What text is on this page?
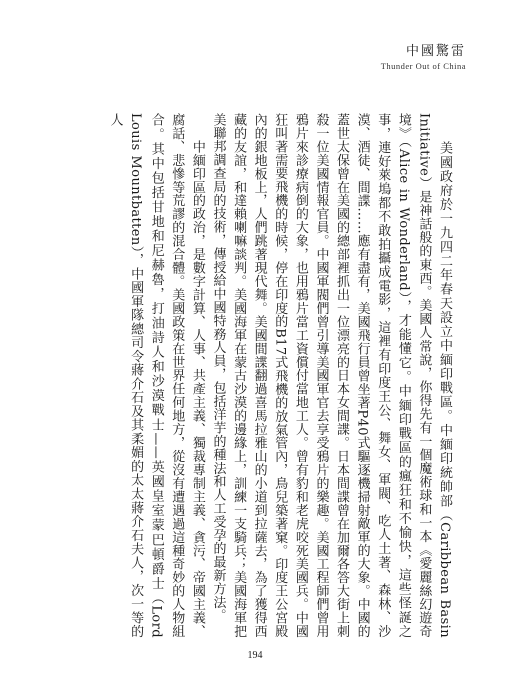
中國驚雷
Thunder Out of China

　　美國政府於一九四二年春天設立中緬印戰區。中緬印統帥部（Caribbean Basin Initiative）是神話般的東西。美國人常說，你得先有一個魔術球和一本《愛麗絲幻遊奇境》（Alice in Wonderland），才能懂它。中緬印戰區的瘋狂和不愉快，這些怪誕之事，連好萊塢都不敢拍攝成電影，這裡有印度王公、舞女、軍閥、吃人土著、森林、沙漠、酒徒、間諜……應有盡有，美國飛行員曾坐著P40式驅逐機掃射敵軍的大象。中國的蓋世太保曾在美國的總部裡抓出一位漂亮的日本女間諜。日本間諜曾在加爾各答大街上刺殺一位美國情報官員。中國軍閥們曾引導美國軍官去享受鴉片的樂趣。美國工程師們曾用鴉片來診療病倒的大象，也用鴉片當工資償付當地工人。曾有豹和老虎咬死美國兵。中國狂叫著需要飛機的時候，停在印度的B17式飛機的放氣管內，鳥兒築著窠。印度王公宮殿內的銀地板上，人們跳著現代舞。美國間諜翻過喜馬拉雅山的小道到拉薩去，為了獲得西藏的友誼，和達賴喇嘛談判。美國海軍在蒙古沙漠的邊緣上，訓練一支騎兵；美國海軍把美聯邦調查局的技術，傳授給中國特務人員，包括洋芋的種法和人工受孕的最新方法。

　　中緬印區的政治，是數字計算、人事、共產主義、獨裁專制主義、貪污、帝國主義、腐話、悲慘等荒謬的混合體。美國政策在世界任何地方，從沒有遭遇過這種奇妙的人物組合。其中包括甘地和尼赫魯，打油詩人和沙漠戰士——英國皇室蒙巴頓爵士（Lord Louis Mountbatten），中國軍隊總司令蔣介石及其柔媚的太太蔣介石夫人，次一等的人

194
